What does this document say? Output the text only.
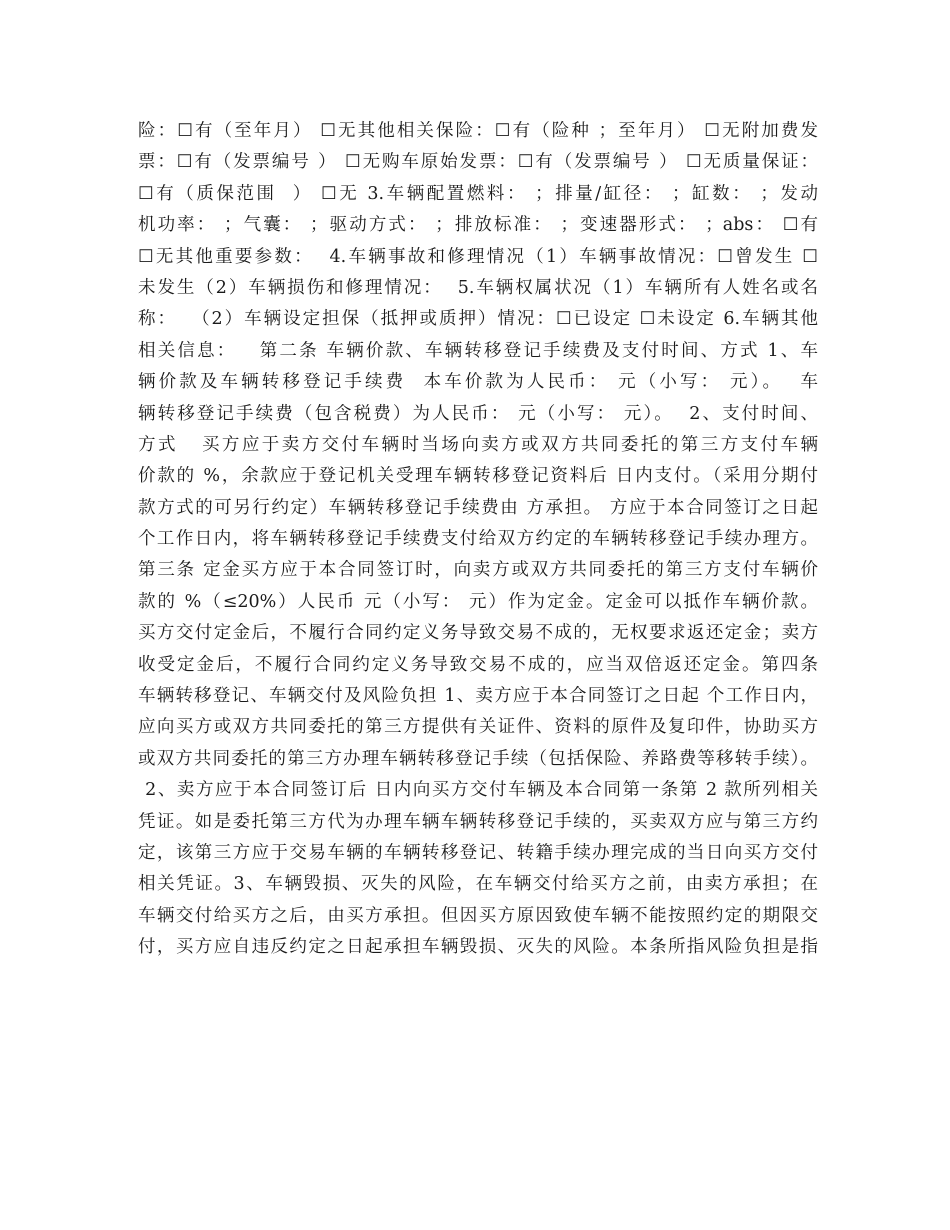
险：☐有（至年月） ☐无其他相关保险：☐有（险种 ；至年月） ☐无附加费发
票：☐有（发票编号 ） ☐无购车原始发票：☐有（发票编号 ） ☐无质量保证：
☐有（质保范围  ） ☐无 3.车辆配置燃料： ；排量/缸径： ；缸数： ；发动
机功率： ；气囊： ；驱动方式： ；排放标准： ；变速器形式： ；abs： ☐有
☐无其他重要参数：  4.车辆事故和修理情况（1）车辆事故情况：☐曾发生 ☐
未发生（2）车辆损伤和修理情况：  5.车辆权属状况（1）车辆所有人姓名或名
称：  （2）车辆设定担保（抵押或质押）情况：☐已设定 ☐未设定 6.车辆其他
相关信息：   第二条 车辆价款、车辆转移登记手续费及支付时间、方式 1、车
辆价款及车辆转移登记手续费  本车价款为人民币： 元（小写： 元）。  车
辆转移登记手续费（包含税费）为人民币： 元（小写： 元）。  2、支付时间、
方式   买方应于卖方交付车辆时当场向卖方或双方共同委托的第三方支付车辆
价款的 %，余款应于登记机关受理车辆转移登记资料后 日内支付。（采用分期付
款方式的可另行约定）车辆转移登记手续费由 方承担。 方应于本合同签订之日起
个工作日内，将车辆转移登记手续费支付给双方约定的车辆转移登记手续办理方。
第三条 定金买方应于本合同签订时，向卖方或双方共同委托的第三方支付车辆价
款的 %（≤20%）人民币 元（小写： 元）作为定金。定金可以抵作车辆价款。
买方交付定金后，不履行合同约定义务导致交易不成的，无权要求返还定金；卖方
收受定金后，不履行合同约定义务导致交易不成的，应当双倍返还定金。第四条
车辆转移登记、车辆交付及风险负担 1、卖方应于本合同签订之日起 个工作日内，
应向买方或双方共同委托的第三方提供有关证件、资料的原件及复印件，协助买方
或双方共同委托的第三方办理车辆转移登记手续（包括保险、养路费等移转手续）。
2、卖方应于本合同签订后 日内向买方交付车辆及本合同第一条第 2 款所列相关
凭证。如是委托第三方代为办理车辆车辆转移登记手续的，买卖双方应与第三方约
定，该第三方应于交易车辆的车辆转移登记、转籍手续办理完成的当日向买方交付
相关凭证。3、车辆毁损、灭失的风险，在车辆交付给买方之前，由卖方承担；在
车辆交付给买方之后，由买方承担。但因买方原因致使车辆不能按照约定的期限交
付，买方应自违反约定之日起承担车辆毁损、灭失的风险。本条所指风险负担是指
